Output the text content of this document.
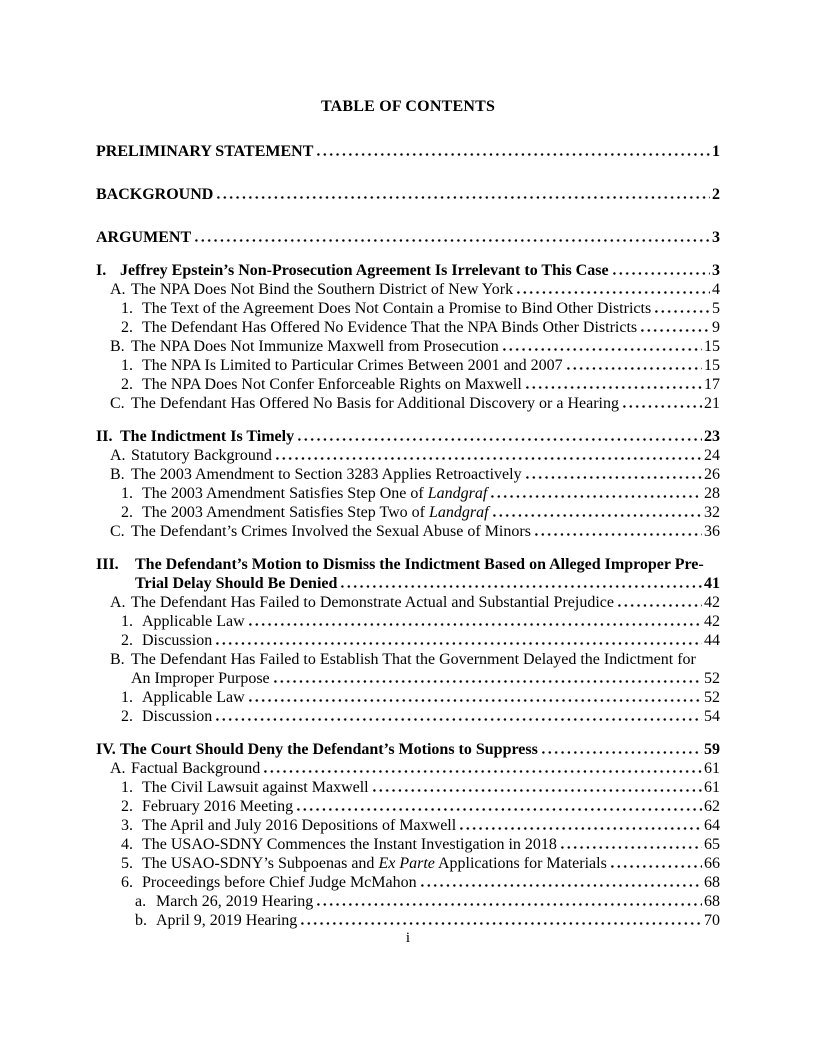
TABLE OF CONTENTS
PRELIMINARY STATEMENT	1
BACKGROUND	2
ARGUMENT	3
I. Jeffrey Epstein’s Non-Prosecution Agreement Is Irrelevant to This Case	3
A. The NPA Does Not Bind the Southern District of New York	4
1. The Text of the Agreement Does Not Contain a Promise to Bind Other Districts	5
2. The Defendant Has Offered No Evidence That the NPA Binds Other Districts	9
B. The NPA Does Not Immunize Maxwell from Prosecution	15
1. The NPA Is Limited to Particular Crimes Between 2001 and 2007	15
2. The NPA Does Not Confer Enforceable Rights on Maxwell	17
C. The Defendant Has Offered No Basis for Additional Discovery or a Hearing	21
II. The Indictment Is Timely	23
A. Statutory Background	24
B. The 2003 Amendment to Section 3283 Applies Retroactively	26
1. The 2003 Amendment Satisfies Step One of Landgraf	28
2. The 2003 Amendment Satisfies Step Two of Landgraf	32
C. The Defendant’s Crimes Involved the Sexual Abuse of Minors	36
III.	The Defendant’s Motion to Dismiss the Indictment Based on Alleged Improper Pre-
Trial Delay Should Be Denied	41
A. The Defendant Has Failed to Demonstrate Actual and Substantial Prejudice	42
1. Applicable Law	42
2. Discussion	44
B. The Defendant Has Failed to Establish That the Government Delayed the Indictment for
An Improper Purpose	52
1. Applicable Law	52
2. Discussion	54
IV. The Court Should Deny the Defendant’s Motions to Suppress	59
A. Factual Background	61
1. The Civil Lawsuit against Maxwell	61
2. February 2016 Meeting	62
3. The April and July 2016 Depositions of Maxwell	64
4. The USAO-SDNY Commences the Instant Investigation in 2018	65
5. The USAO-SDNY’s Subpoenas and Ex Parte Applications for Materials	66
6. Proceedings before Chief Judge McMahon	68
a. March 26, 2019 Hearing	68
b. April 9, 2019 Hearing	70
i
